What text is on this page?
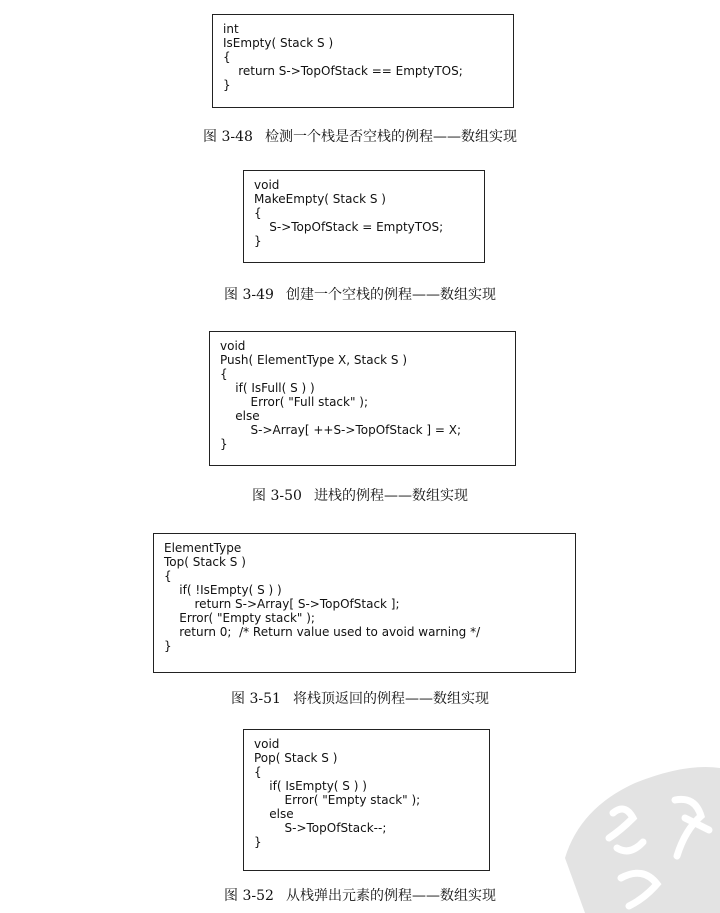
int
IsEmpty( Stack S )
{
return S->TopOfStack == EmptyTOS;
}
图 3-48 检测一个栈是否空栈的例程——数组实现
void
MakeEmpty( Stack S )
{
S->TopOfStack = EmptyTOS;
}
图 3-49 创建一个空栈的例程——数组实现
void
Push( ElementType X, Stack S )
{
if( IsFull( S ) )
Error( "Full stack" );
else
S->Array[ ++S->TopOfStack ] = X;
}
图 3-50 进栈的例程——数组实现
ElementType
Top( Stack S )
{
if( !IsEmpty( S ) )
return S->Array[ S->TopOfStack ];
Error( "Empty stack" );
return 0;  /* Return value used to avoid warning */
}
图 3-51 将栈顶返回的例程——数组实现
void
Pop( Stack S )
{
if( IsEmpty( S ) )
Error( "Empty stack" );
else
S->TopOfStack--;
}
图 3-52 从栈弹出元素的例程——数组实现
